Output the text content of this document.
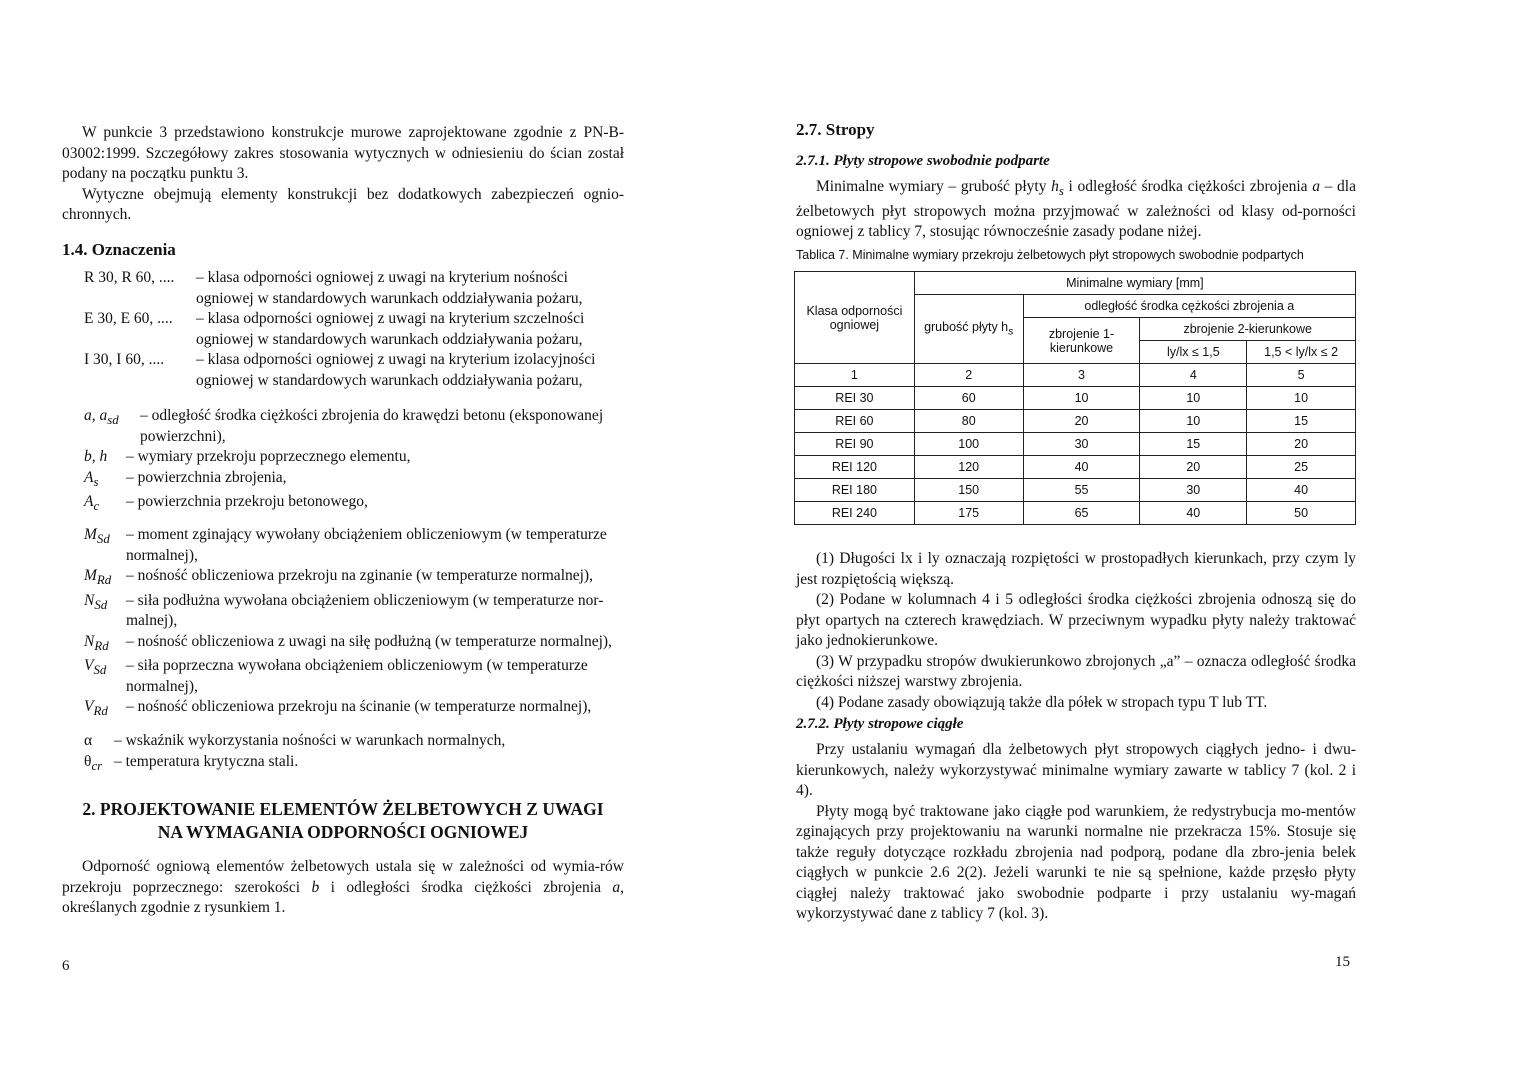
W punkcie 3 przedstawiono konstrukcje murowe zaprojektowane zgodnie z PN-B-03002:1999. Szczegółowy zakres stosowania wytycznych w odniesieniu do ścian został podany na początku punktu 3.

Wytyczne obejmują elementy konstrukcji bez dodatkowych zabezpieczeń ognio-chronnych.

1.4. Oznaczenia
R 30, R 60, ....	– klasa odporności ogniowej z uwagi na kryterium nośności ogniowej w standardowych warunkach oddziaływania pożaru,
E 30, E 60, ....	– klasa odporności ogniowej z uwagi na kryterium szczelności ogniowej w standardowych warunkach oddziaływania pożaru,
I 30, I 60, ....	– klasa odporności ogniowej z uwagi na kryterium izolacyjności ogniowej w standardowych warunkach oddziaływania pożaru,
a, $a_{sd}$	– odległość środka ciężkości zbrojenia do krawędzi betonu (eksponowanej powierzchni),
b, h	– wymiary przekroju poprzecznego elementu,
$A_s$	– powierzchnia zbrojenia,
$A_c$	– powierzchnia przekroju betonowego,
$M_{Sd}$	– moment zginający wywołany obciążeniem obliczeniowym (w temperaturze normalnej),
$M_{Rd}$ – nośność obliczeniowa przekroju na zginanie (w temperaturze normalnej),
$N_{Sd}$	– siła podłużna wywołana obciążeniem obliczeniowym (w temperaturze nor-malnej),
$N_{Rd}$	– nośność obliczeniowa z uwagi na siłę podłużną (w temperaturze normalnej),
$V_{Sd}$	– siła poprzeczna wywołana obciążeniem obliczeniowym (w temperaturze normalnej),
$V_{Rd}$	– nośność obliczeniowa przekroju na ścinanie (w temperaturze normalnej),
α	– wskaźnik wykorzystania nośności w warunkach normalnych,
$\theta_{cr}$ – temperatura krytyczna stali.
2. PROJEKTOWANIE ELEMENTÓW ŻELBETOWYCH Z UWAGI
NA WYMAGANIA ODPORNOŚCI OGNIOWEJ

Odporność ogniową elementów żelbetowych ustala się w zależności od wymia-rów przekroju poprzecznego: szerokości b i odległości środka ciężkości zbrojenia a, określanych zgodnie z rysunkiem 1.

6
2.7. Stropy
2.7.1. Płyty stropowe swobodnie podparte

Minimalne wymiary – grubość płyty $h_s$ i odległość środka ciężkości zbrojenia a – dla żelbetowych płyt stropowych można przyjmować w zależności od klasy od-porności ogniowej z tablicy 7, stosując równocześnie zasady podane niżej.

Tablica 7. Minimalne wymiary przekroju żelbetowych płyt stropowych swobodnie podpartych
Klasa odporności ogniowej	Minimalne wymiary [mm]			
	grubość płyty $h_s$	odległość środka cężkości zbrojenia a		
		zbrojenie 1-kierunkowe	zbrojenie 2-kierunkowe	
			ly/lx ≤ 1,5	1,5 < ly/lx ≤ 2
1	2	3	4	5
REI 30	60	10	10	10
REI 60	80	20	10	15
REI 90	100	30	15	20
REI 120	120	40	20	25
REI 180	150	55	30	40
REI 240	175	65	40	50

(1) Długości lx i ly oznaczają rozpiętości w prostopadłych kierunkach, przy czym ly jest rozpiętością większą.

(2) Podane w kolumnach 4 i 5 odległości środka ciężkości zbrojenia odnoszą się do płyt opartych na czterech krawędziach. W przeciwnym wypadku płyty należy traktować jako jednokierunkowe.

(3) W przypadku stropów dwukierunkowo zbrojonych „a” – oznacza odległość środka ciężkości niższej warstwy zbrojenia.

(4) Podane zasady obowiązują także dla półek w stropach typu T lub TT.

2.7.2. Płyty stropowe ciągłe

Przy ustalaniu wymagań dla żelbetowych płyt stropowych ciągłych jedno- i dwu-kierunkowych, należy wykorzystywać minimalne wymiary zawarte w tablicy 7 (kol. 2 i 4).

Płyty mogą być traktowane jako ciągłe pod warunkiem, że redystrybucja mo-mentów zginających przy projektowaniu na warunki normalne nie przekracza 15%. Stosuje się także reguły dotyczące rozkładu zbrojenia nad podporą, podane dla zbro-jenia belek ciągłych w punkcie 2.6 2(2). Jeżeli warunki te nie są spełnione, każde przęsło płyty ciągłej należy traktować jako swobodnie podparte i przy ustalaniu wy-magań wykorzystywać dane z tablicy 7 (kol. 3).

15
